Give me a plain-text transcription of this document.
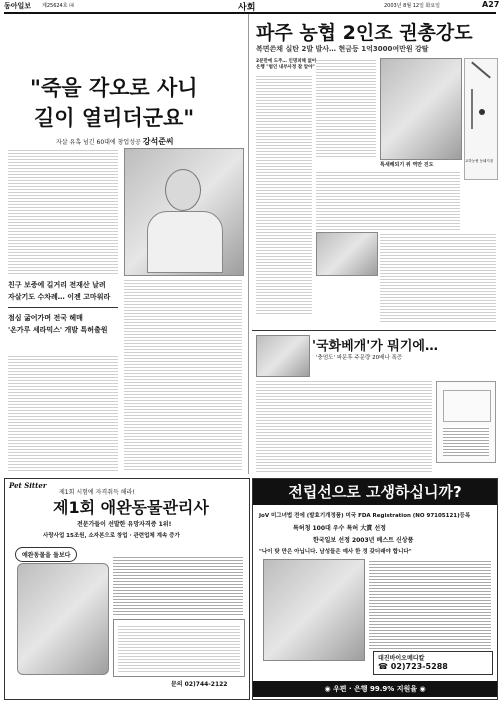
동아일보 제25624호 ⑷	사회	2003년 8월 12일 화요일	A27
"죽을 각오로 사니
길이 열리더군요"
자살 유혹 넘긴 60대에 창업성공 강석준씨
친구 보증에 길거리 전재산 날려
자살기도 수차례… 이젠 고마워라
점심 굶어가며 전국 헤매
'온가루 세라믹스' 개발 특허출원
파주 농협 2인조 권총강도
복면쓴채 실탄 2발 발사… 현금등 1억3000여만원 강탈
2분만에 도주… 인명피해 없어
은행 "범인 내부사정 잘 알아"
교하농협 동패지점
특새해되기 위 역만 진도
'국화베개'가 뭐기에…
'충엄도' 파문후 주문량 20배나 폭증
Pet Sitter
제1회 시험에 자격취득 해라!
제1회 애완동물관리사
전문가들이 선발한 유망자격증 1위!
사랑사업 15조원, 소자본으로 창업 · 관련업체 계속 증가
애완동물을 돌보다
문의 02)744-2122
전립선으로 고생하십니까?
JoV 미그녀법 전에 (발효기개정품) 미국 FDA Registration (NO 97105121)등록
특허청 100대 우수 특허 大賞 선정
한국일보 선정 2003년 베스트 신상품
"나이 탓 만은 아닙니다. 남성들은 예사 한 정 갖더래야 합니다"
대진바이오메디칼
☎ 02)723-5288
◉ 우편 · 은행 99.9% 지원율 ◉
